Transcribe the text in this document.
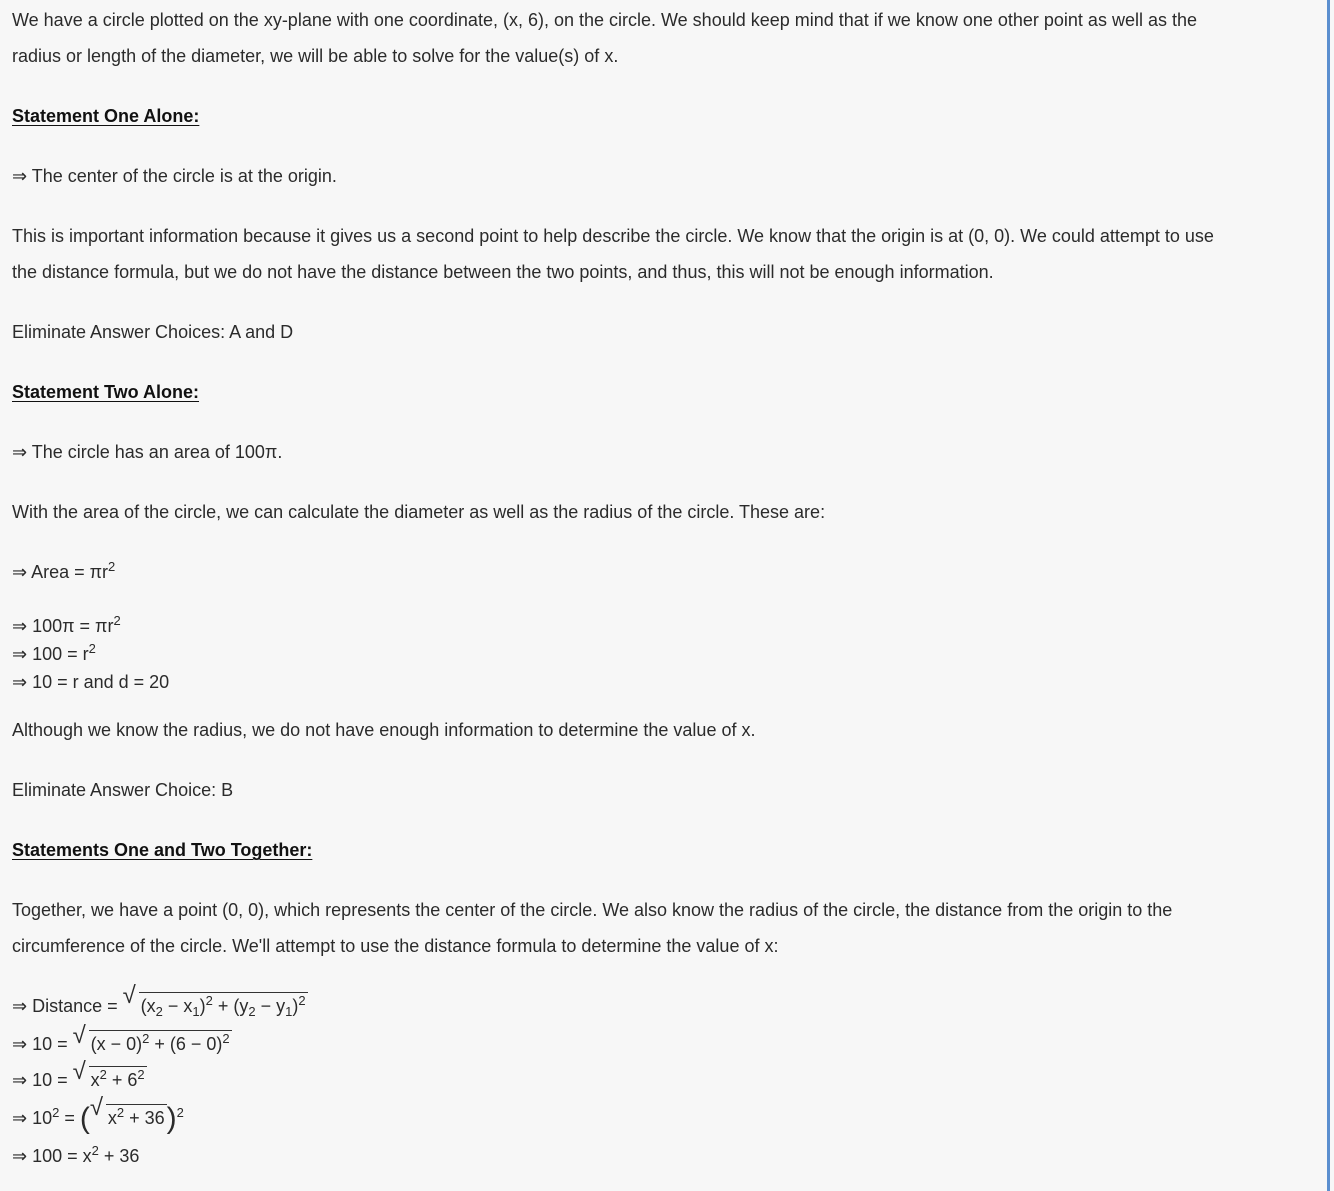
We have a circle plotted on the xy-plane with one coordinate, (x, 6), on the circle. We should keep mind that if we know one other point as well as the

radius or length of the diameter, we will be able to solve for the value(s) of x.

Statement One Alone:

⇒ The center of the circle is at the origin.

This is important information because it gives us a second point to help describe the circle. We know that the origin is at (0, 0). We could attempt to use

the distance formula, but we do not have the distance between the two points, and thus, this will not be enough information.

Eliminate Answer Choices: A and D

Statement Two Alone:

⇒ The circle has an area of 100π.

With the area of the circle, we can calculate the diameter as well as the radius of the circle. These are:

⇒ Area = $\pi r^2$

⇒ $100\pi = \pi r^2$

⇒ $100 = r^2$

⇒ 10 = r and d = 20

Although we know the radius, we do not have enough information to determine the value of x.

Eliminate Answer Choice: B

Statements One and Two Together:

Together, we have a point (0, 0), which represents the center of the circle. We also know the radius of the circle, the distance from the origin to the

circumference of the circle. We'll attempt to use the distance formula to determine the value of x:

⇒ Distance = √ $(x_2 - x_1)^2 + (y_2 - y_1)^2$

⇒ 10 = √ $(x - 0)^2 + (6 - 0)^2$

⇒ 10 = √ $x^2 + 6^2$

⇒ $10^2$ = ( √ $x^2 + 36)^2$

⇒ $100 = x^2 + 36$
